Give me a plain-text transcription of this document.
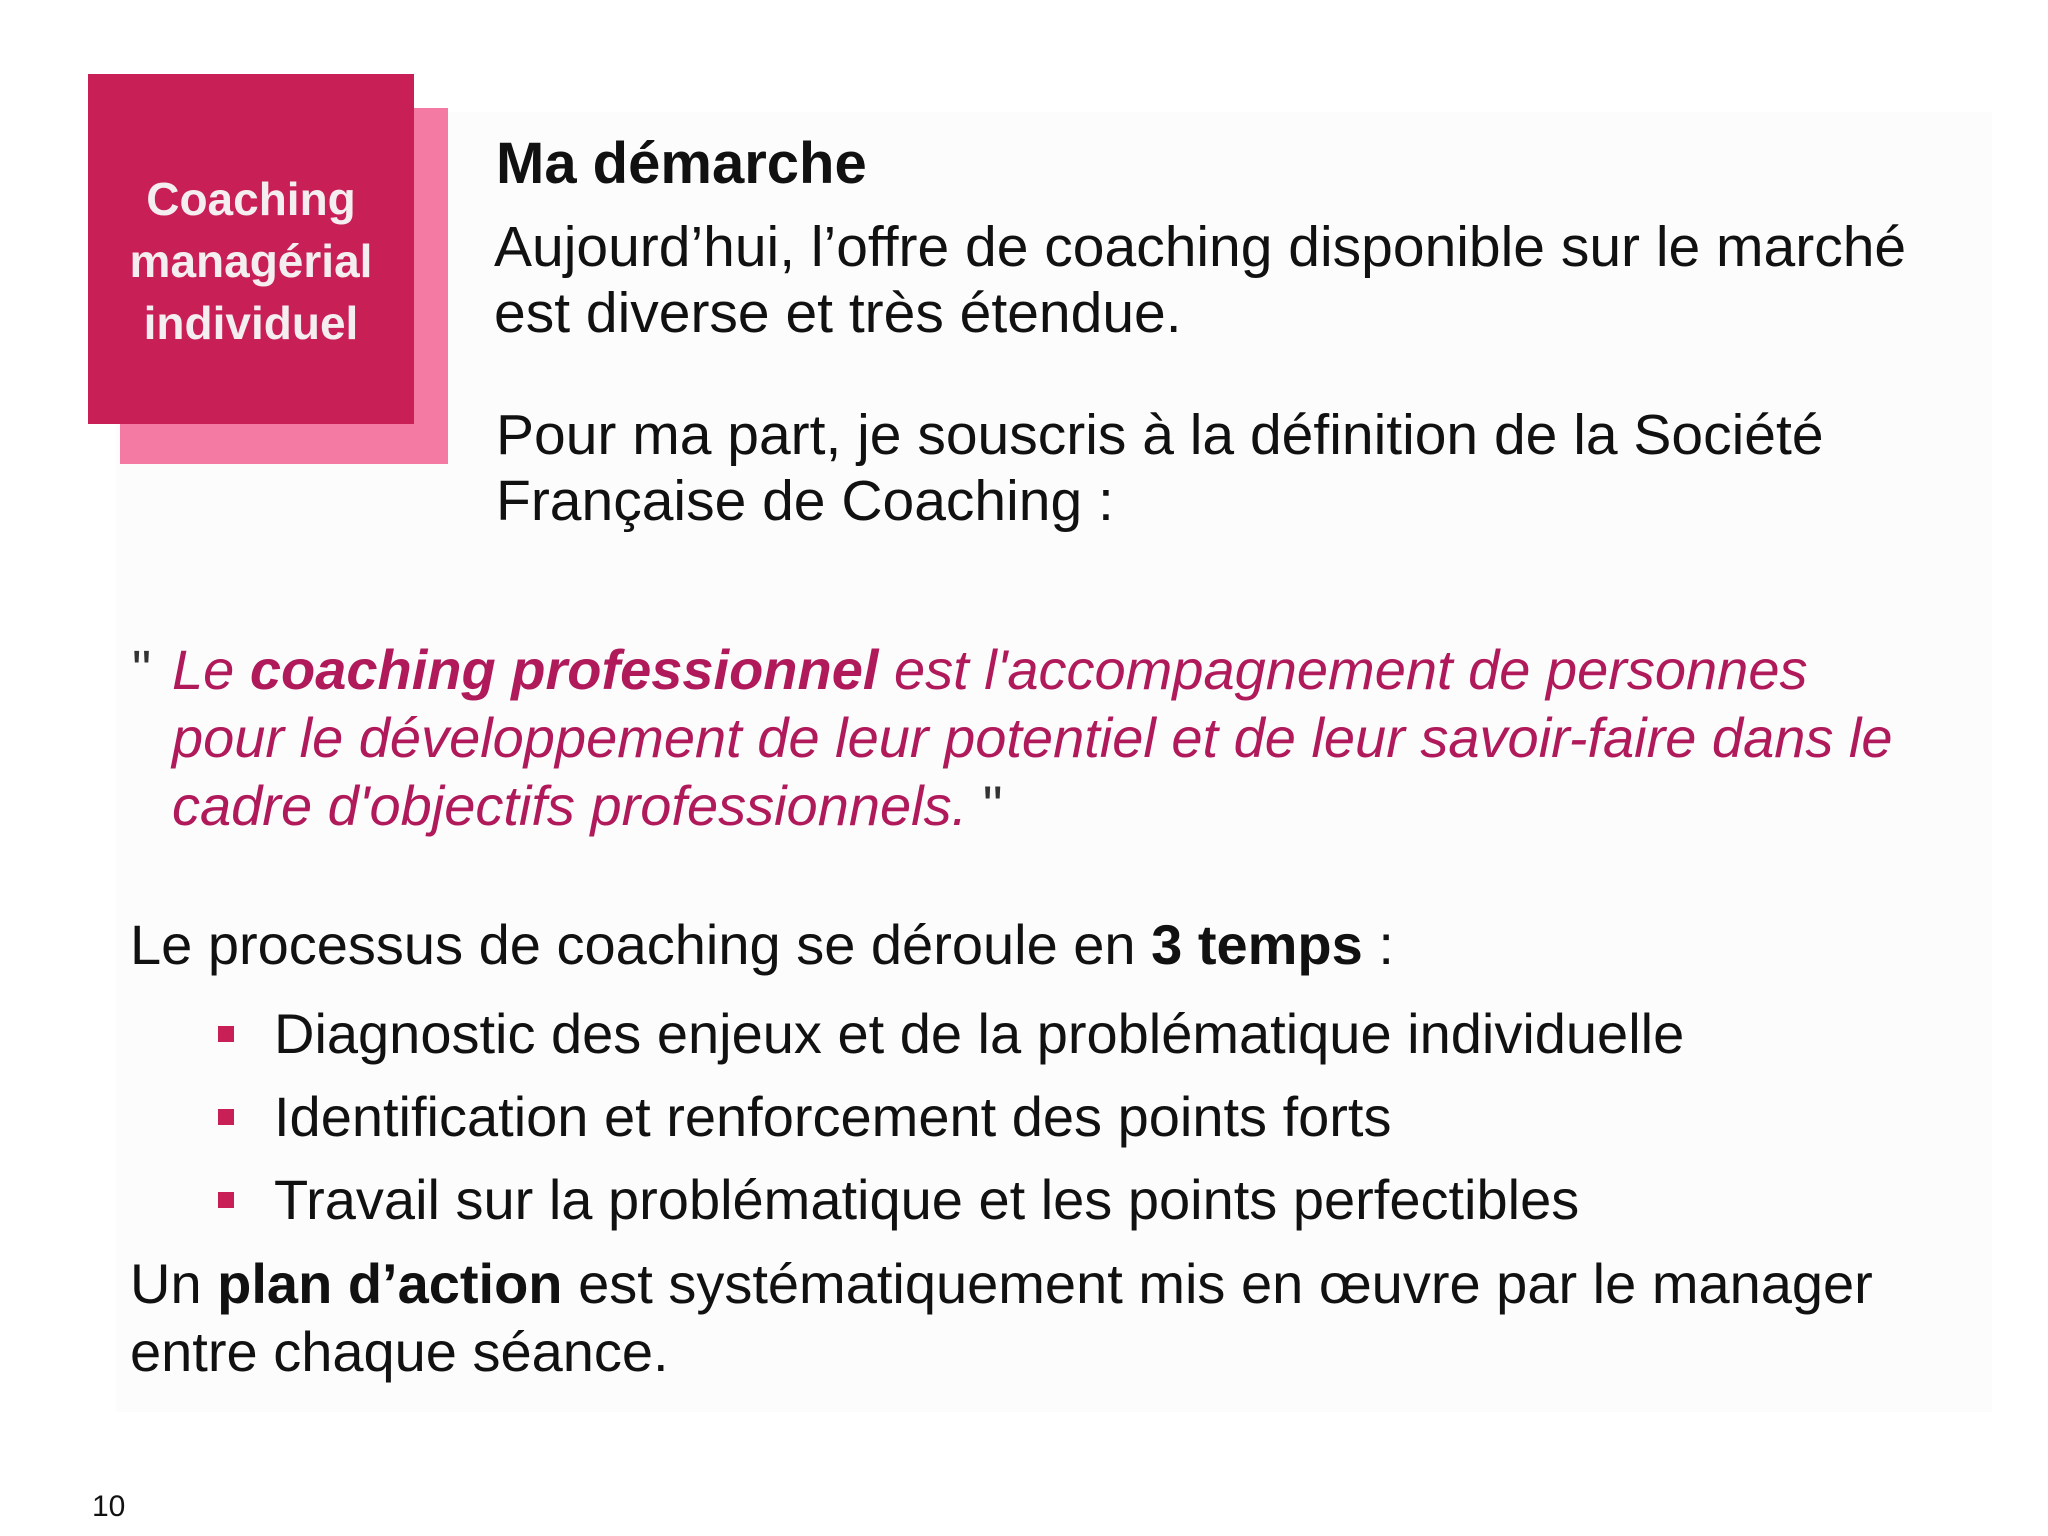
Coaching
managérial
individuel
Ma démarche

Aujourd’hui, l’offre de coaching disponible sur le marché
est diverse et très étendue.

Pour ma part, je souscris à la définition de la Société
Française de Coaching :

" Le coaching professionnel est l'accompagnement de personnes
pour le développement de leur potentiel et de leur savoir-faire dans le
cadre d'objectifs professionnels. "
Le processus de coaching se déroule en 3 temps :
Diagnostic des enjeux et de la problématique individuelle
Identification et renforcement des points forts
Travail sur la problématique et les points perfectibles
Un plan d’action est systématiquement mis en œuvre par le manager
entre chaque séance.
10
